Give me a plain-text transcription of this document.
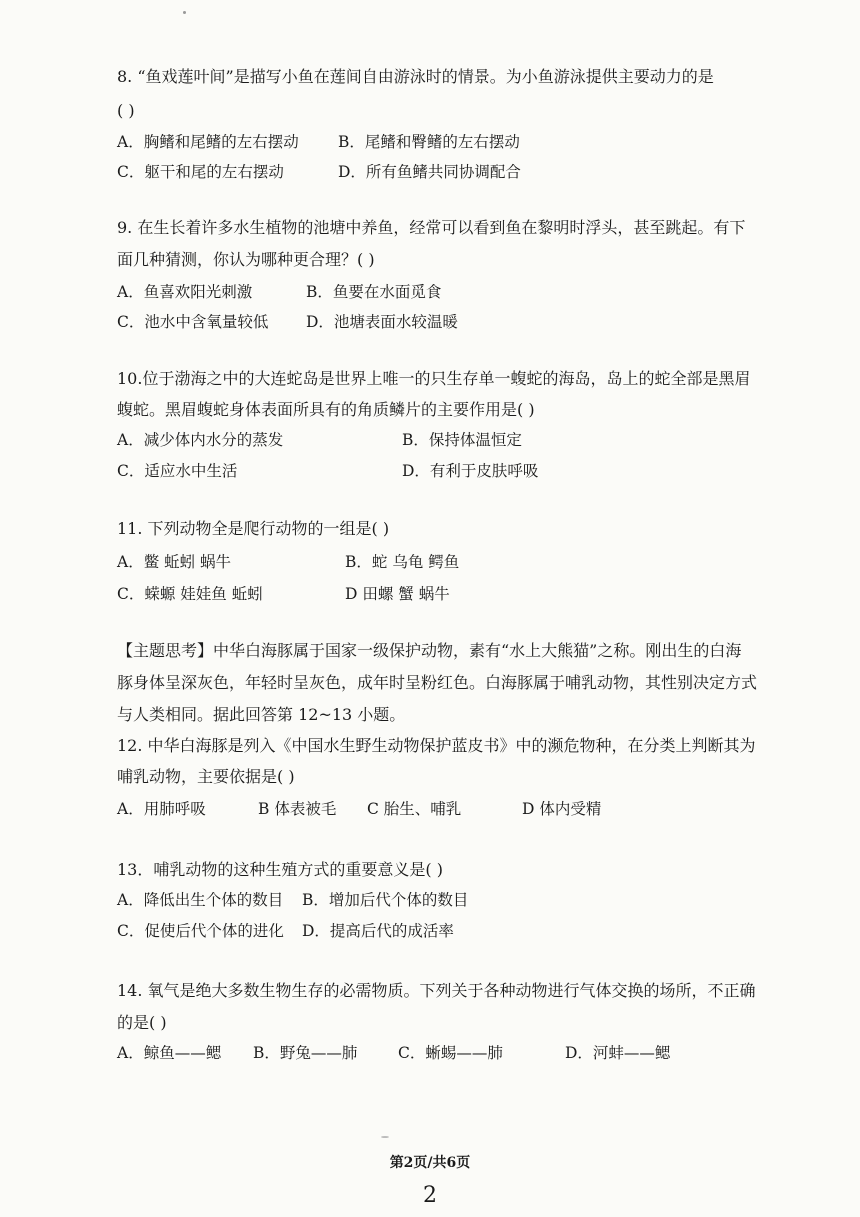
8. “鱼戏莲叶间”是描写小鱼在莲间自由游泳时的情景。为小鱼游泳提供主要动力的是
( )
A．胸鳍和尾鳍的左右摆动	B．尾鳍和臀鳍的左右摆动
C．躯干和尾的左右摆动	D．所有鱼鳍共同协调配合
9. 在生长着许多水生植物的池塘中养鱼，经常可以看到鱼在黎明时浮头，甚至跳起。有下
面几种猜测，你认为哪种更合理？( )
A．鱼喜欢阳光刺激	B．鱼要在水面觅食
C．池水中含氧量较低 D．池塘表面水较温暖
10.位于渤海之中的大连蛇岛是世界上唯一的只生存单一蝮蛇的海岛，岛上的蛇全部是黑眉
蝮蛇。黑眉蝮蛇身体表面所具有的角质鳞片的主要作用是( )
A．减少体内水分的蒸发	B．保持体温恒定
C．适应水中生活	D．有利于皮肤呼吸
11. 下列动物全是爬行动物的一组是( )
A．鳖 蚯蚓 蜗牛	B．蛇 乌龟 鳄鱼
C．蝾螈 娃娃鱼 蚯蚓	D 田螺 蟹 蜗牛
【主题思考】中华白海豚属于国家一级保护动物，素有“水上大熊猫”之称。刚出生的白海
豚身体呈深灰色，年轻时呈灰色，成年时呈粉红色。白海豚属于哺乳动物，其性别决定方式
与人类相同。据此回答第 12~13 小题。
12. 中华白海豚是列入《中国水生野生动物保护蓝皮书》中的濒危物种，在分类上判断其为
哺乳动物，主要依据是( )
A．用肺呼吸	B 体表被毛 C 胎生、哺乳	D 体内受精
13．哺乳动物的这种生殖方式的重要意义是( )
A．降低出生个体的数目 B．增加后代个体的数目
C．促使后代个体的进化 D．提高后代的成活率
14. 氧气是绝大多数生物生存的必需物质。下列关于各种动物进行气体交换的场所，不正确
的是( )
A．鲸鱼——鳃 B．野兔——肺	C．蜥蜴——肺	D．河蚌——鳃
第2页/共6页
2
